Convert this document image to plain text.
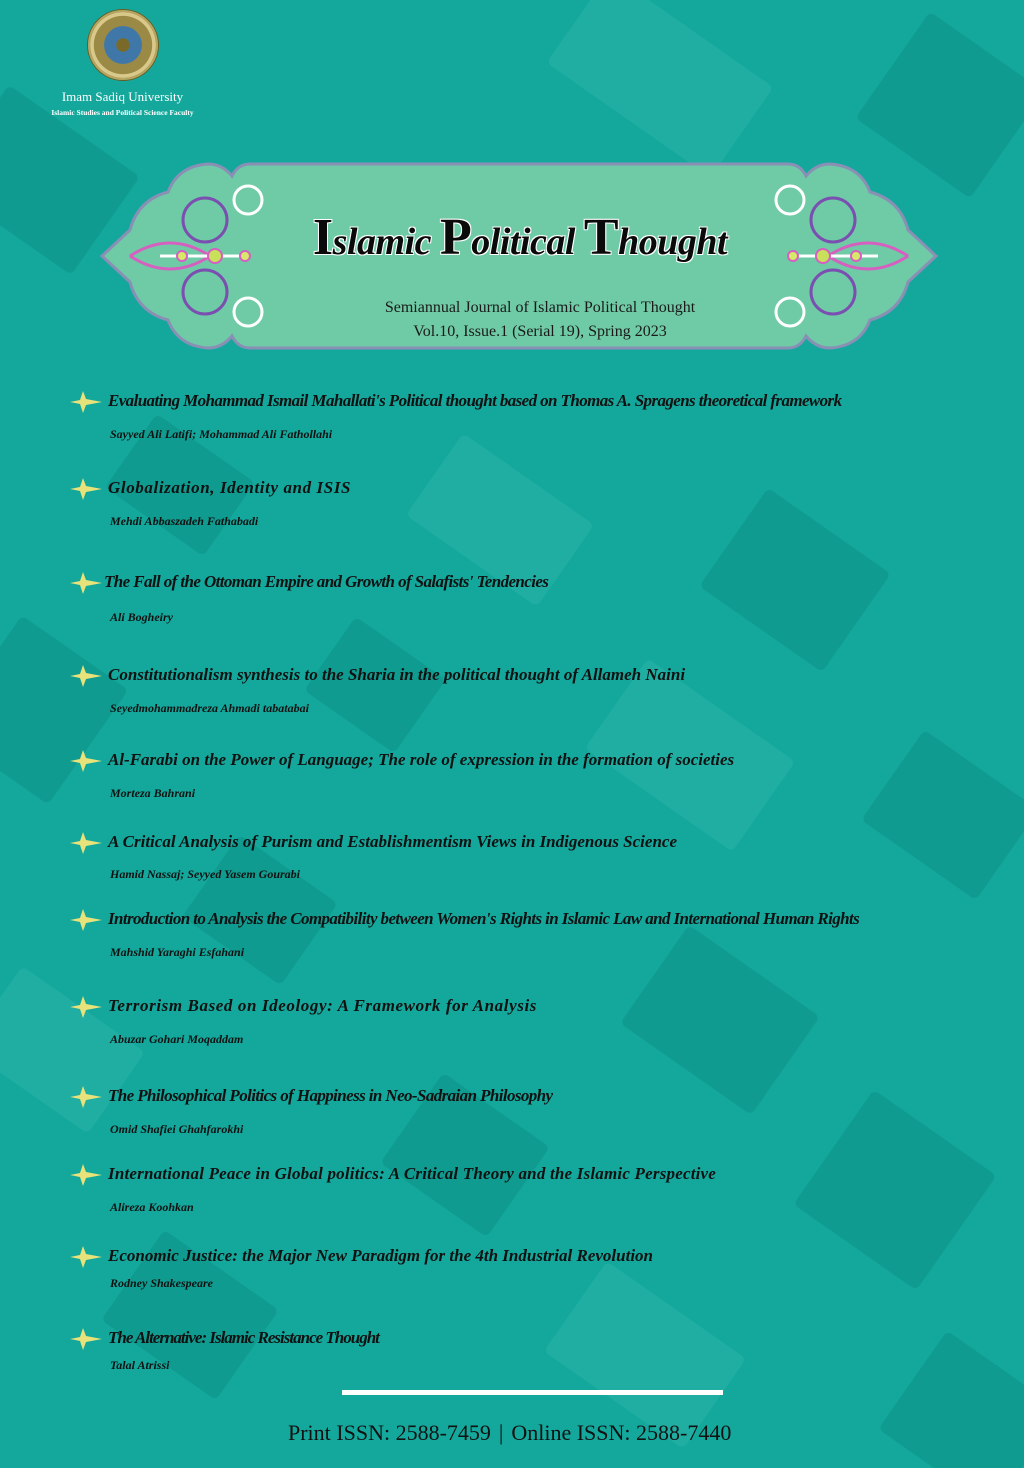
Imam Sadiq University
Islamic Studies and Political Science Faculty
Islamic Political Thought
Semiannual Journal of Islamic Political Thought
Vol.10, Issue.1 (Serial 19), Spring 2023
Evaluating Mohammad Ismail Mahallati's Political thought based on Thomas A. Spragens theoretical framework
Sayyed Ali Latifi; Mohammad Ali Fathollahi
Globalization, Identity and ISIS
Mehdi Abbaszadeh Fathabadi
The Fall of the Ottoman Empire and Growth of Salafists' Tendencies
Ali Bogheiry
Constitutionalism synthesis to the Sharia in the political thought of Allameh Naini
Seyedmohammadreza Ahmadi tabatabai
Al-Farabi on the Power of Language; The role of expression in the formation of societies
Morteza Bahrani
A Critical Analysis of Purism and Establishmentism Views in Indigenous Science
Hamid Nassaj; Seyyed Yasem Gourabi
Introduction to Analysis the Compatibility between Women's Rights in Islamic Law and International Human Rights
Mahshid Yaraghi Esfahani
Terrorism Based on Ideology: A Framework for Analysis
Abuzar Gohari Moqaddam
The Philosophical Politics of Happiness in Neo-Sadraian Philosophy
Omid Shafiei Ghahfarokhi
International Peace in Global politics: A Critical Theory and the Islamic Perspective
Alireza Koohkan
Economic Justice: the Major New Paradigm for the 4th Industrial Revolution
Rodney Shakespeare
The Alternative: Islamic Resistance Thought
Talal Atrissi
Print ISSN: 2588-7459 | Online ISSN: 2588-7440
